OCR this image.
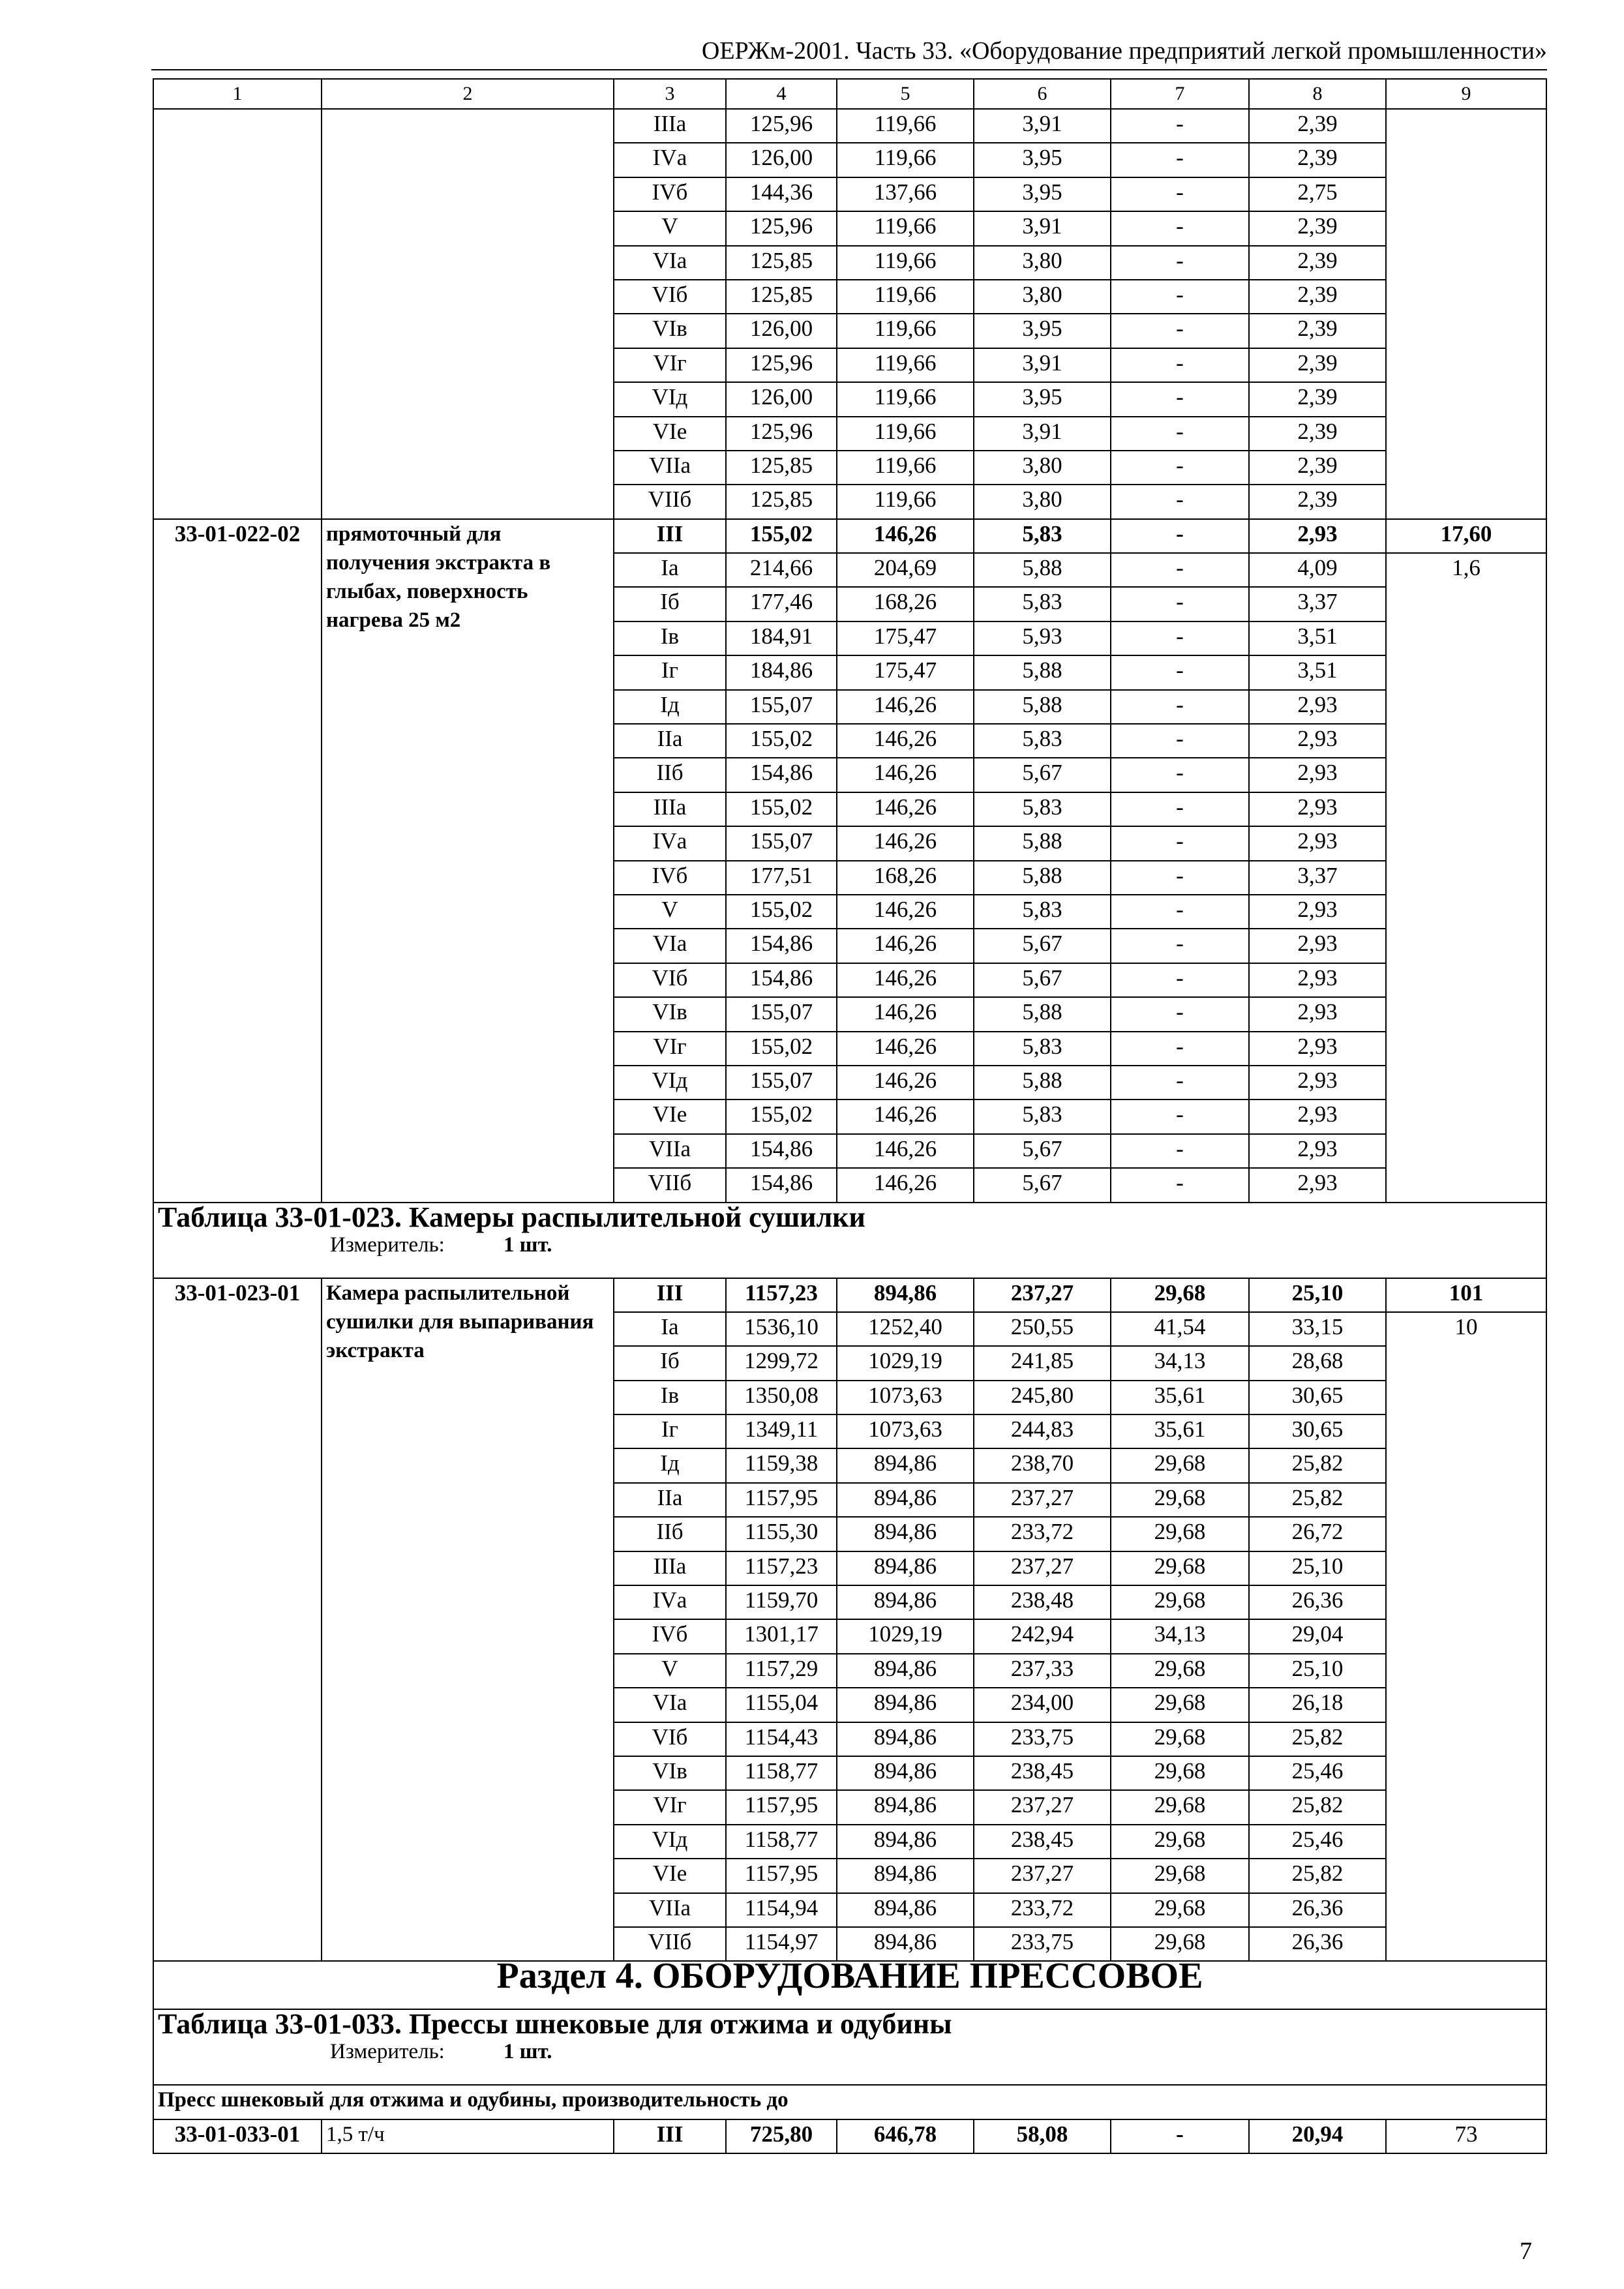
ОЕРЖм-2001. Часть 33. «Оборудование предприятий легкой промышленности»
1	2	3	4	5	6	7	8	9
		IIIа	125,96	119,66	3,91	-	2,39	
		IVа	126,00	119,66	3,95	-	2,39	
		IVб	144,36	137,66	3,95	-	2,75	
		V	125,96	119,66	3,91	-	2,39	
		VIа	125,85	119,66	3,80	-	2,39	
		VIб	125,85	119,66	3,80	-	2,39	
		VIв	126,00	119,66	3,95	-	2,39	
		VIг	125,96	119,66	3,91	-	2,39	
		VIд	126,00	119,66	3,95	-	2,39	
		VIе	125,96	119,66	3,91	-	2,39	
		VIIа	125,85	119,66	3,80	-	2,39	
		VIIб	125,85	119,66	3,80	-	2,39	
33-01-022-02	прямоточный для получения экстракта в глыбах, поверхность нагрева 25 м2	III	155,02	146,26	5,83	-	2,93	17,60
		Iа	214,66	204,69	5,88	-	4,09	1,6
		Iб	177,46	168,26	5,83	-	3,37	
		Iв	184,91	175,47	5,93	-	3,51	
		Iг	184,86	175,47	5,88	-	3,51	
		Iд	155,07	146,26	5,88	-	2,93	
		IIа	155,02	146,26	5,83	-	2,93	
		IIб	154,86	146,26	5,67	-	2,93	
		IIIа	155,02	146,26	5,83	-	2,93	
		IVа	155,07	146,26	5,88	-	2,93	
		IVб	177,51	168,26	5,88	-	3,37	
		V	155,02	146,26	5,83	-	2,93	
		VIа	154,86	146,26	5,67	-	2,93	
		VIб	154,86	146,26	5,67	-	2,93	
		VIв	155,07	146,26	5,88	-	2,93	
		VIг	155,02	146,26	5,83	-	2,93	
		VIд	155,07	146,26	5,88	-	2,93	
		VIе	155,02	146,26	5,83	-	2,93	
		VIIа	154,86	146,26	5,67	-	2,93	
		VIIб	154,86	146,26	5,67	-	2,93	
Таблица 33-01-023. Камеры распылительной сушилки
Измеритель: 1 шт.								

33-01-023-01	Камера распылительной сушилки для выпаривания экстракта	III	1157,23	894,86	237,27	29,68	25,10	101
		Iа	1536,10	1252,40	250,55	41,54	33,15	10
		Iб	1299,72	1029,19	241,85	34,13	28,68	
		Iв	1350,08	1073,63	245,80	35,61	30,65	
		Iг	1349,11	1073,63	244,83	35,61	30,65	
		Iд	1159,38	894,86	238,70	29,68	25,82	
		IIа	1157,95	894,86	237,27	29,68	25,82	
		IIб	1155,30	894,86	233,72	29,68	26,72	
		IIIа	1157,23	894,86	237,27	29,68	25,10	
		IVа	1159,70	894,86	238,48	29,68	26,36	
		IVб	1301,17	1029,19	242,94	34,13	29,04	
		V	1157,29	894,86	237,33	29,68	25,10	
		VIа	1155,04	894,86	234,00	29,68	26,18	
		VIб	1154,43	894,86	233,75	29,68	25,82	
		VIв	1158,77	894,86	238,45	29,68	25,46	
		VIг	1157,95	894,86	237,27	29,68	25,82	
		VIд	1158,77	894,86	238,45	29,68	25,46	
		VIе	1157,95	894,86	237,27	29,68	25,82	
		VIIа	1154,94	894,86	233,72	29,68	26,36	
		VIIб	1154,97	894,86	233,75	29,68	26,36	
Раздел 4. ОБОРУДОВАНИЕ ПРЕССОВОЕ								
Таблица 33-01-033. Прессы шнековые для отжима и одубины
Измеритель: 1 шт.								

Пресс шнековый для отжима и одубины, производительность до								
33-01-033-01	1,5 т/ч	III	725,80	646,78	58,08	-	20,94	73
7
